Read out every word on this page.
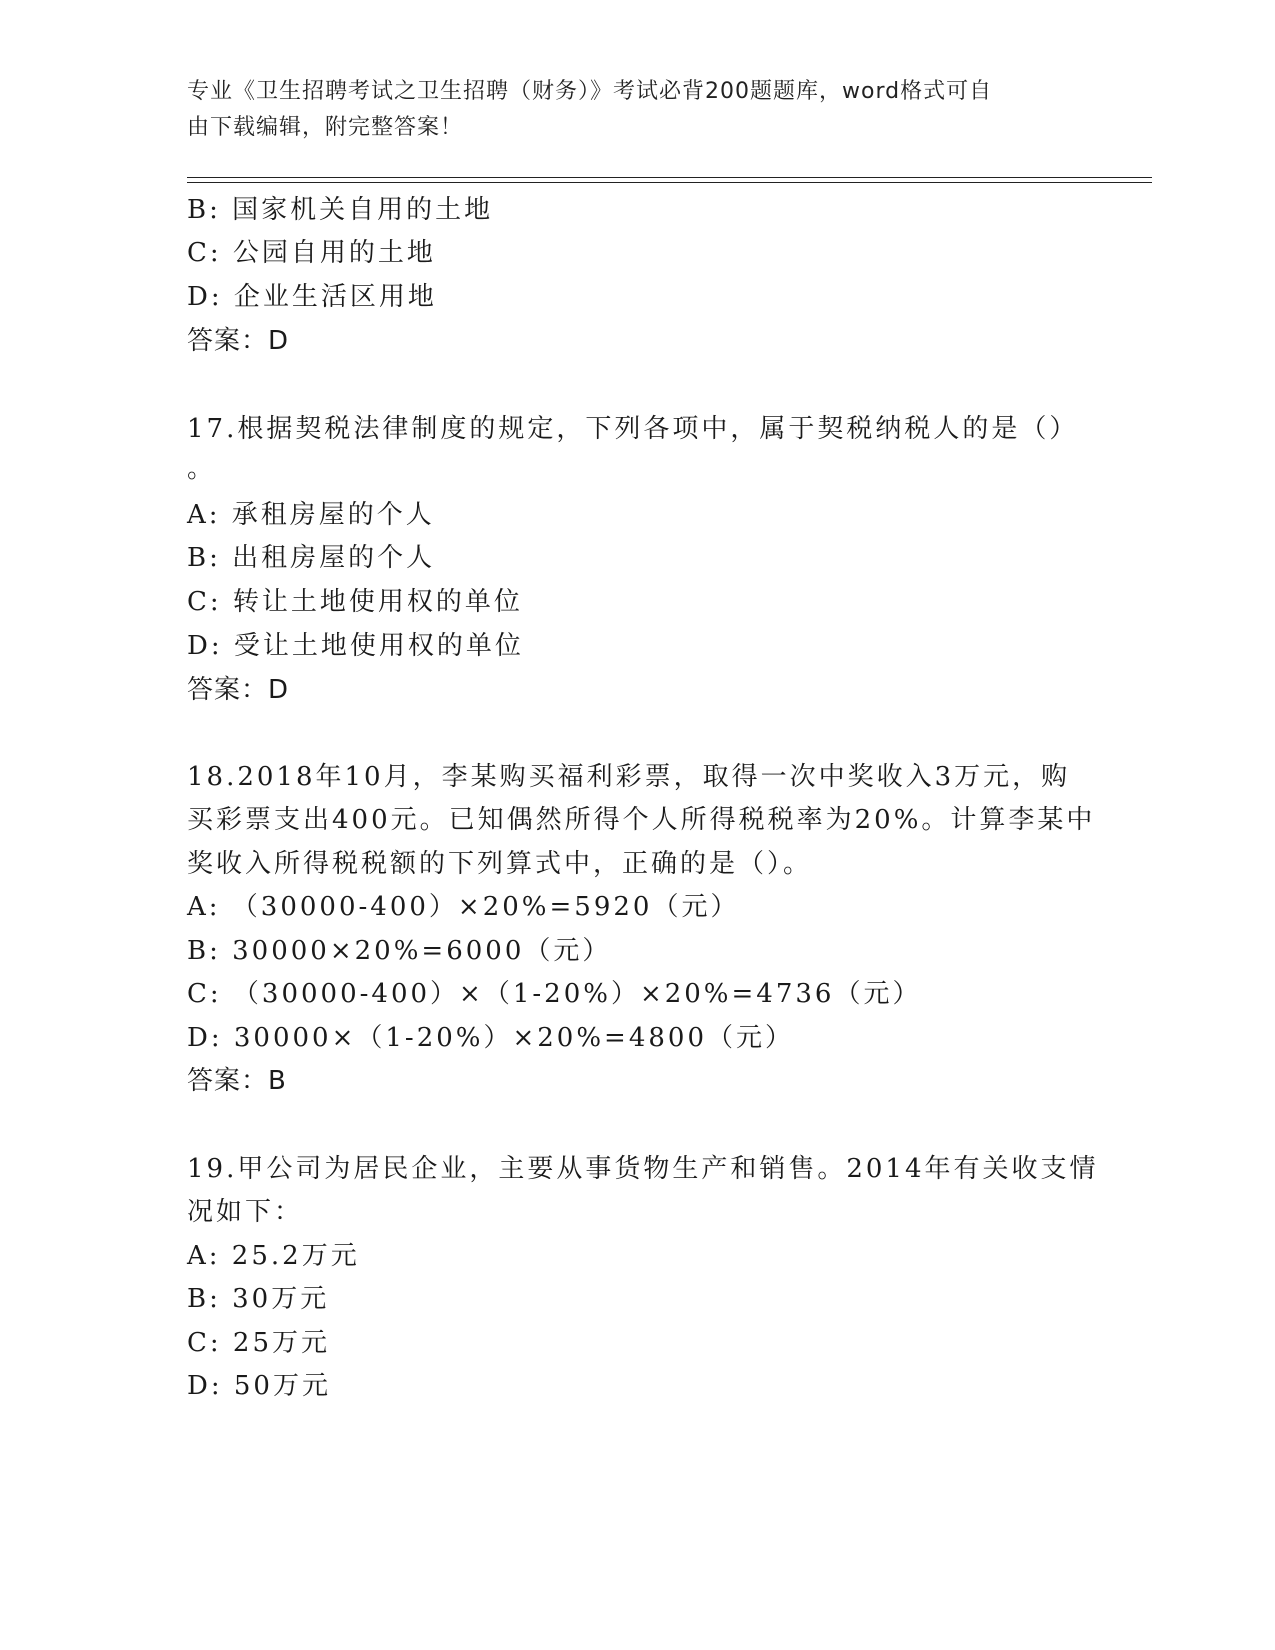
专业《卫生招聘考试之卫生招聘（财务）》考试必背200题题库，word格式可自
由下载编辑，附完整答案！
B: 国家机关自用的土地
C: 公园自用的土地
D: 企业生活区用地
答案：D
17.根据契税法律制度的规定，下列各项中，属于契税纳税人的是（）
。
A: 承租房屋的个人
B: 出租房屋的个人
C: 转让土地使用权的单位
D: 受让土地使用权的单位
答案：D
18.2018年10月，李某购买福利彩票，取得一次中奖收入3万元，购
买彩票支出400元。已知偶然所得个人所得税税率为20%。计算李某中
奖收入所得税税额的下列算式中，正确的是（）。
A: （30000-400）×20%=5920（元）
B: 30000×20%=6000（元）
C: （30000-400）×（1-20%）×20%=4736（元）
D: 30000×（1-20%）×20%=4800（元）
答案：B
19.甲公司为居民企业，主要从事货物生产和销售。2014年有关收支情
况如下：
A: 25.2万元
B: 30万元
C: 25万元
D: 50万元
